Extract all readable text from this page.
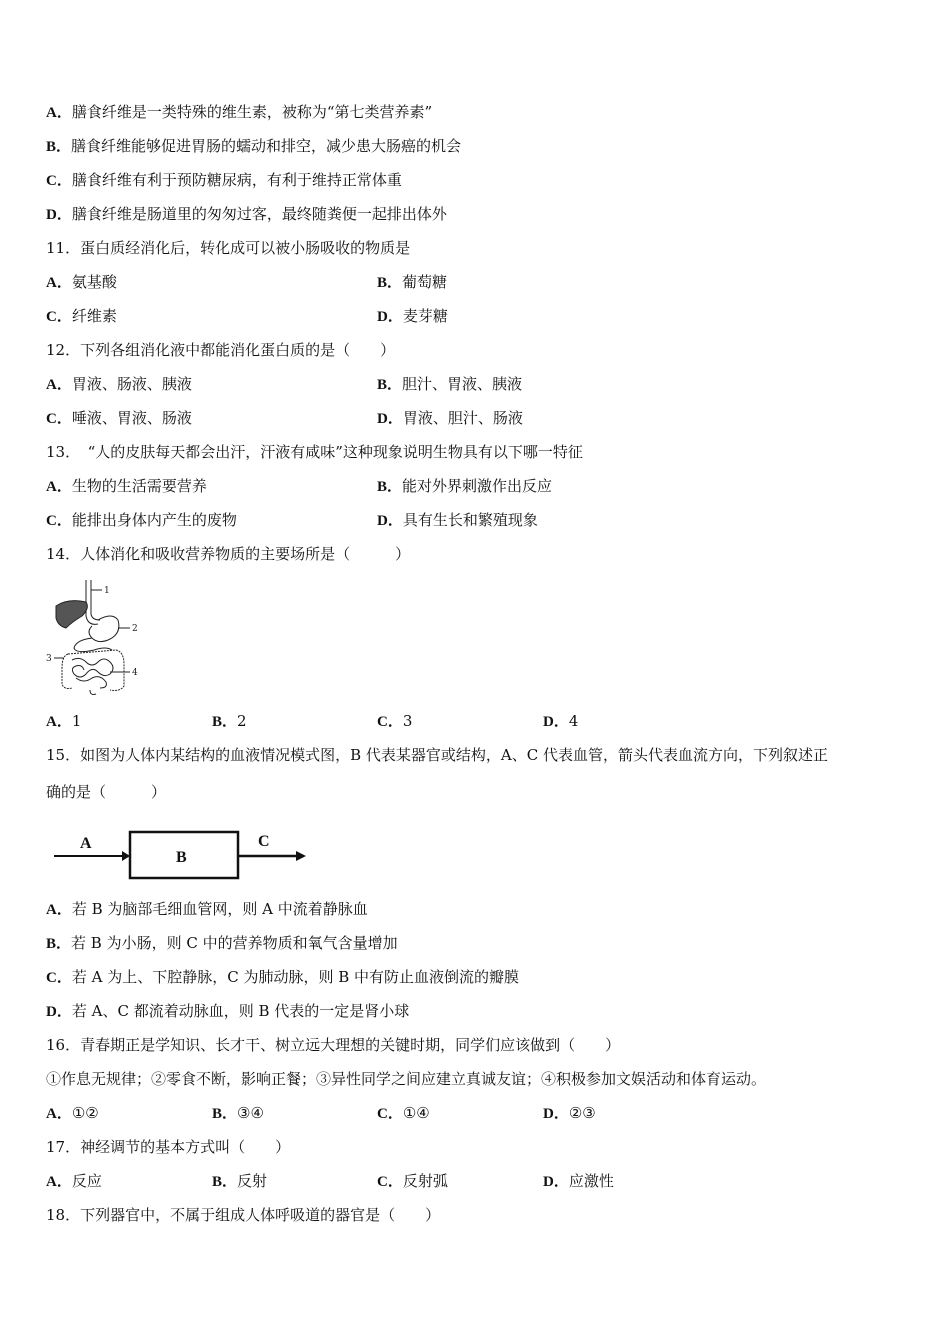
A．膳食纤维是一类特殊的维生素，被称为“第七类营养素”
B．膳食纤维能够促进胃肠的蠕动和排空，减少患大肠癌的机会
C．膳食纤维有利于预防糖尿病，有利于维持正常体重
D．膳食纤维是肠道里的匆匆过客，最终随粪便一起排出体外
11．蛋白质经消化后，转化成可以被小肠吸收的物质是
A．氨基酸	B．葡萄糖
C．纤维素	D．麦芽糖
12．下列各组消化液中都能消化蛋白质的是（　　）
A．胃液、肠液、胰液	B．胆汁、胃液、胰液
C．唾液、胃液、肠液	D．胃液、胆汁、肠液
13．　“人的皮肤每天都会出汗，汗液有咸味”这种现象说明生物具有以下哪一特征
A．生物的生活需要营养	B．能对外界刺激作出反应
C．能排出身体内产生的废物	D．具有生长和繁殖现象
14．人体消化和吸收营养物质的主要场所是（　　　）
1
2
3
4
A．1	B．2	C．3	D．4
15．如图为人体内某结构的血液情况模式图，B 代表某器官或结构，A、C 代表血管，箭头代表血流方向，下列叙述正
确的是（　　　）
A
B
C
A．若 B 为脑部毛细血管网，则 A 中流着静脉血
B．若 B 为小肠，则 C 中的营养物质和氧气含量增加
C．若 A 为上、下腔静脉，C 为肺动脉，则 B 中有防止血液倒流的瓣膜
D．若 A、C 都流着动脉血，则 B 代表的一定是肾小球
16．青春期正是学知识、长才干、树立远大理想的关键时期，同学们应该做到（　　）
①作息无规律；②零食不断，影响正餐；③异性同学之间应建立真诚友谊；④积极参加文娱活动和体育运动。
A．①②	B．③④	C．①④	D．②③
17．神经调节的基本方式叫（　　）
A．反应	B．反射	C．反射弧	D．应激性
18．下列器官中，不属于组成人体呼吸道的器官是（　　）
